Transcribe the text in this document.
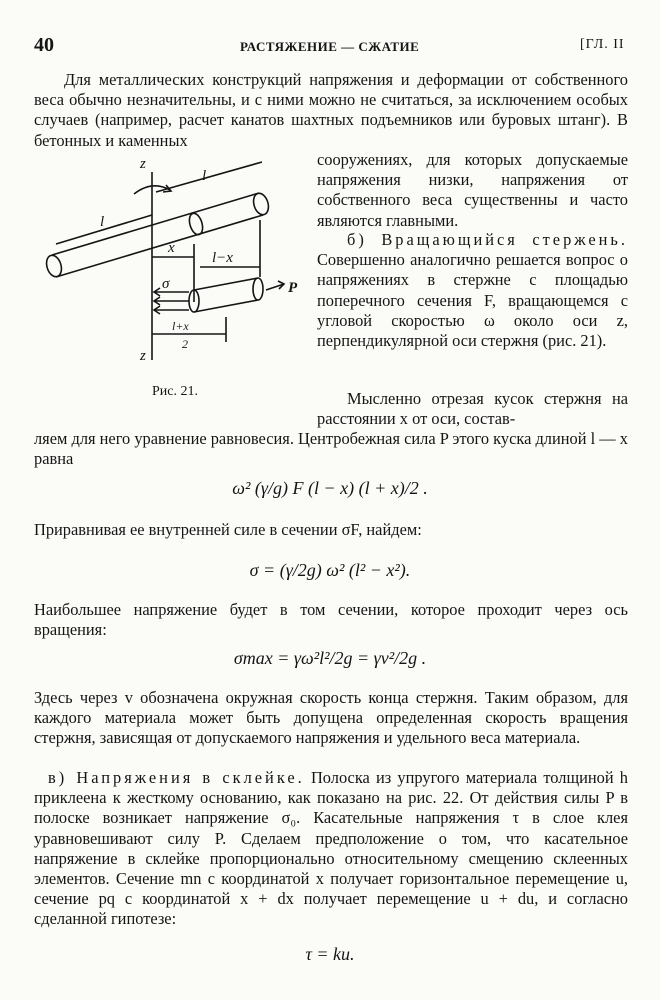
40	РАСТЯЖЕНИЕ — СЖАТИЕ	[ГЛ. II

Для металлических конструкций напряжения и деформации от собственного веса обычно незначительны, и с ними можно не считаться, за исключением особых случаев (например, расчет канатов шахтных подъемников или буровых штанг). В бетонных и каменных

сооружениях, для которых допускаемые напряжения низки, напряжения от собственного веса существенны и часто являются главными.

б) Вращающийся стержень. Совершенно аналогично решается вопрос о напряжениях в стержне с площадью поперечного сечения F, вращающемся с угловой скоростью ω около оси z, перпендикулярной оси стержня (рис. 21).

Мысленно отрезая кусок стержня на расстоянии x от оси, состав-

ляем для него уравнение равновесия. Центробежная сила P этого куска длиной l — x равна

ω² (γ/g) F (l − x) (l + x)/2 .

Приравнивая ее внутренней силе в сечении σF, найдем:

σ = (γ/2g) ω² (l² − x²).

Наибольшее напряжение будет в том сечении, которое проходит через ось вращения:

σmax = γω²l²/2g = γv²/2g .

Здесь через v обозначена окружная скорость конца стержня. Таким образом, для каждого материала может быть допущена определенная скорость вращения стержня, зависящая от допускаемого напряжения и удельного веса материала.

в) Напряжения в склейке. Полоска из упругого материала толщиной h приклеена к жесткому основанию, как показано на рис. 22. От действия силы P в полоске возникает напряжение σ₀. Касательные напряжения τ в слое клея уравновешивают силу P. Сделаем предположение о том, что касательное напряжение в склейке пропорционально относительному смещению склеенных элементов. Сечение mn с координатой x получает горизонтальное перемещение u, сечение pq с координатой x + dx получает перемещение u + du, и согласно сделанной гипотезе:

τ = ku.

z
z
l
l
x
l−x
σ	P
l+x
2

Рис. 21.
